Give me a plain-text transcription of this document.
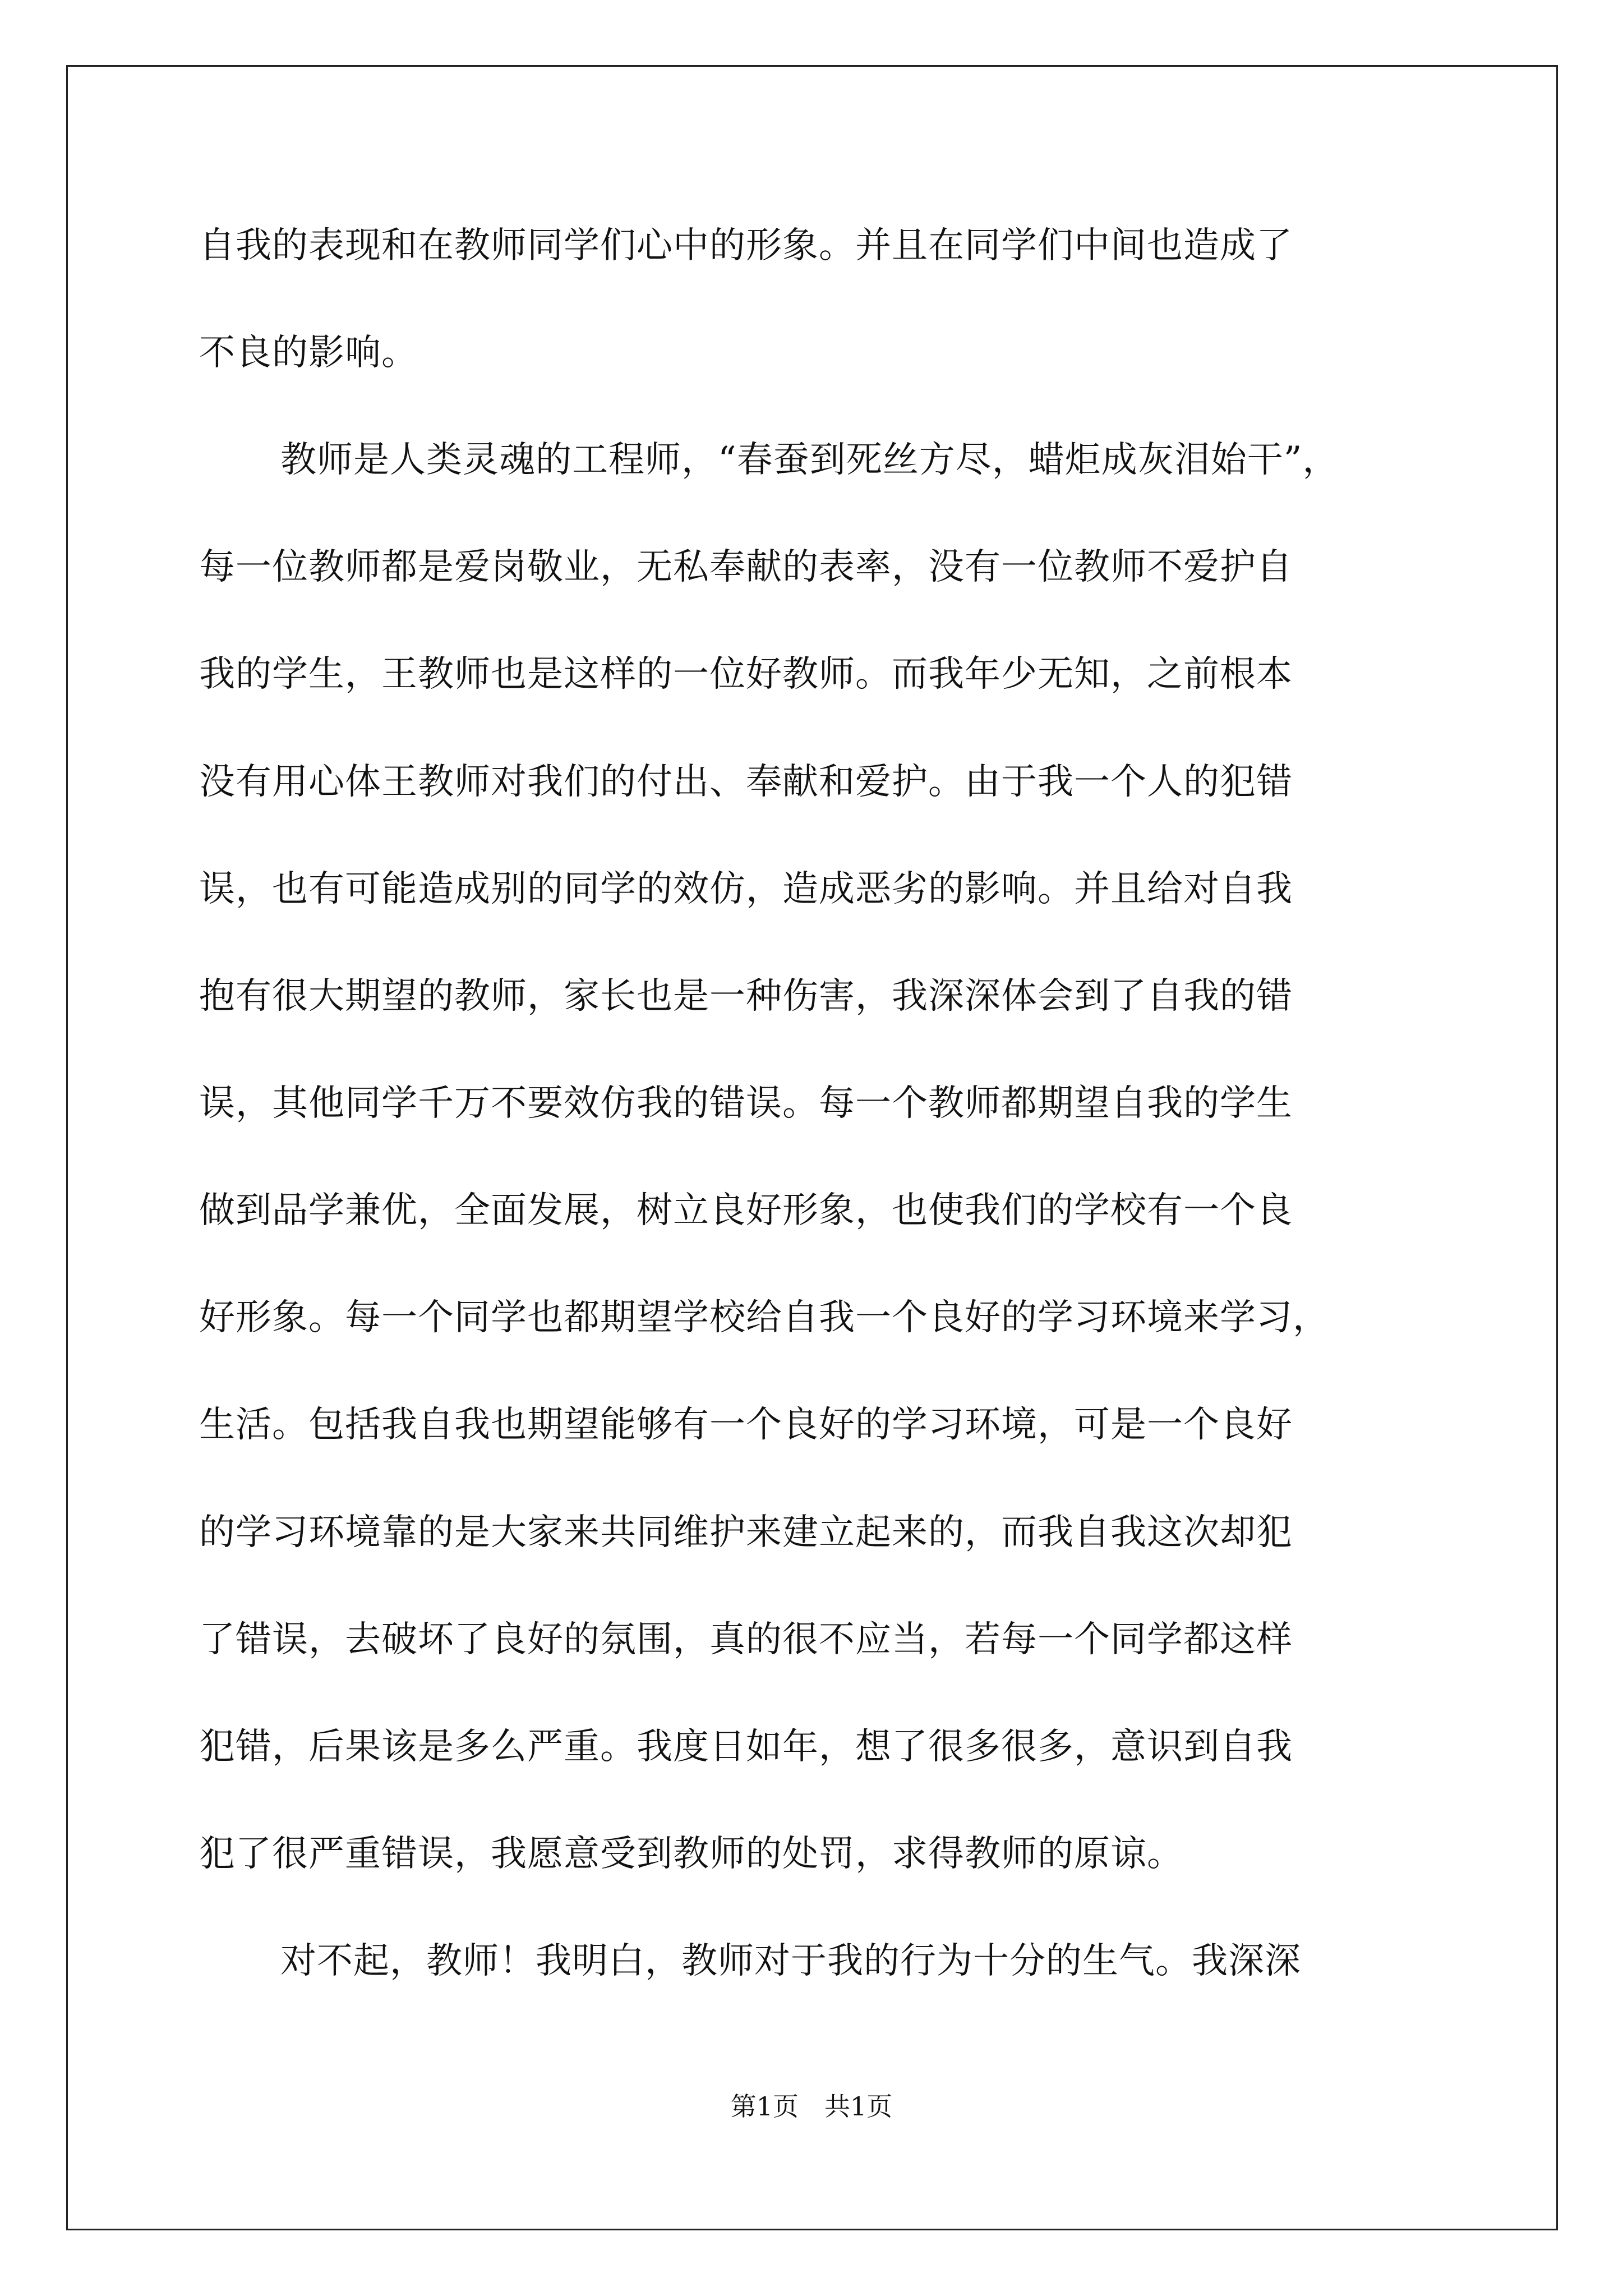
自我的表现和在教师同学们心中的形象。并且在同学们中间也造成了
不良的影响。
教师是人类灵魂的工程师，“春蚕到死丝方尽，蜡炬成灰泪始干”，
每一位教师都是爱岗敬业，无私奉献的表率，没有一位教师不爱护自
我的学生，王教师也是这样的一位好教师。而我年少无知，之前根本
没有用心体王教师对我们的付出、奉献和爱护。由于我一个人的犯错
误，也有可能造成别的同学的效仿，造成恶劣的影响。并且给对自我
抱有很大期望的教师，家长也是一种伤害，我深深体会到了自我的错
误，其他同学千万不要效仿我的错误。每一个教师都期望自我的学生
做到品学兼优，全面发展，树立良好形象，也使我们的学校有一个良
好形象。每一个同学也都期望学校给自我一个良好的学习环境来学习，
生活。包括我自我也期望能够有一个良好的学习环境，可是一个良好
的学习环境靠的是大家来共同维护来建立起来的，而我自我这次却犯
了错误，去破坏了良好的氛围，真的很不应当，若每一个同学都这样
犯错，后果该是多么严重。我度日如年，想了很多很多，意识到自我
犯了很严重错误，我愿意受到教师的处罚，求得教师的原谅。
对不起，教师！我明白，教师对于我的行为十分的生气。我深深
第1页　共1页
